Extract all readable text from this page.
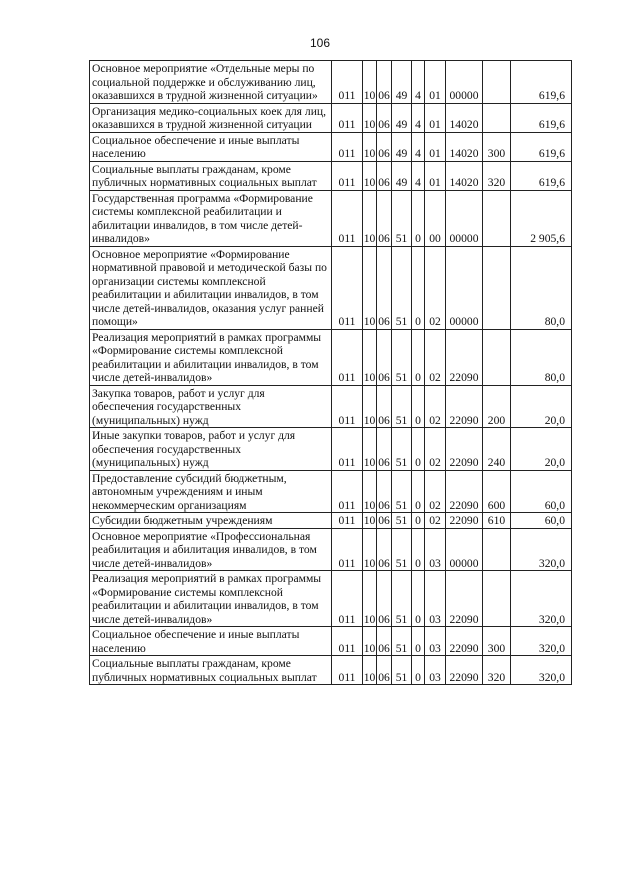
106
Основное мероприятие «Отдельные меры по социальной поддержке и обслуживанию лиц, оказавшихся в трудной жизненной ситуации»	011	10	06	49	4	01	00000		619,6

Организация медико-социальных коек для лиц, оказавшихся в трудной жизненной ситуации	011	10	06	49	4	01	14020		619,6

Социальное обеспечение и иные выплаты населению	011	10	06	49	4	01	14020	300	619,6

Социальные выплаты гражданам, кроме публичных нормативных социальных выплат	011	10	06	49	4	01	14020	320	619,6

Государственная программа «Формирование системы комплексной реабилитации и абилитации инвалидов, в том числе детей-инвалидов»	011	10	06	51	0	00	00000		2 905,6

Основное мероприятие «Формирование нормативной правовой и методической базы по организации системы комплексной реабилитации и абилитации инвалидов, в том числе детей-инвалидов, оказания услуг ранней помощи»	011	10	06	51	0	02	00000		80,0

Реализация мероприятий в рамках программы «Формирование системы комплексной реабилитации и абилитации инвалидов, в том числе детей-инвалидов»	011	10	06	51	0	02	22090		80,0

Закупка товаров, работ и услуг для обеспечения государственных (муниципальных) нужд	011	10	06	51	0	02	22090	200	20,0

Иные закупки товаров, работ и услуг для обеспечения государственных (муниципальных) нужд	011	10	06	51	0	02	22090	240	20,0

Предоставление субсидий бюджетным, автономным учреждениям и иным некоммерческим организациям	011	10	06	51	0	02	22090	600	60,0

Субсидии бюджетным учреждениям	011	10	06	51	0	02	22090	610	60,0

Основное мероприятие «Профессиональная реабилитация и абилитация инвалидов, в том числе детей-инвалидов»	011	10	06	51	0	03	00000		320,0

Реализация мероприятий в рамках программы «Формирование системы комплексной реабилитации и абилитации инвалидов, в том числе детей-инвалидов»	011	10	06	51	0	03	22090		320,0

Социальное обеспечение и иные выплаты населению	011	10	06	51	0	03	22090	300	320,0

Социальные выплаты гражданам, кроме публичных нормативных социальных выплат	011	10	06	51	0	03	22090	320	320,0
